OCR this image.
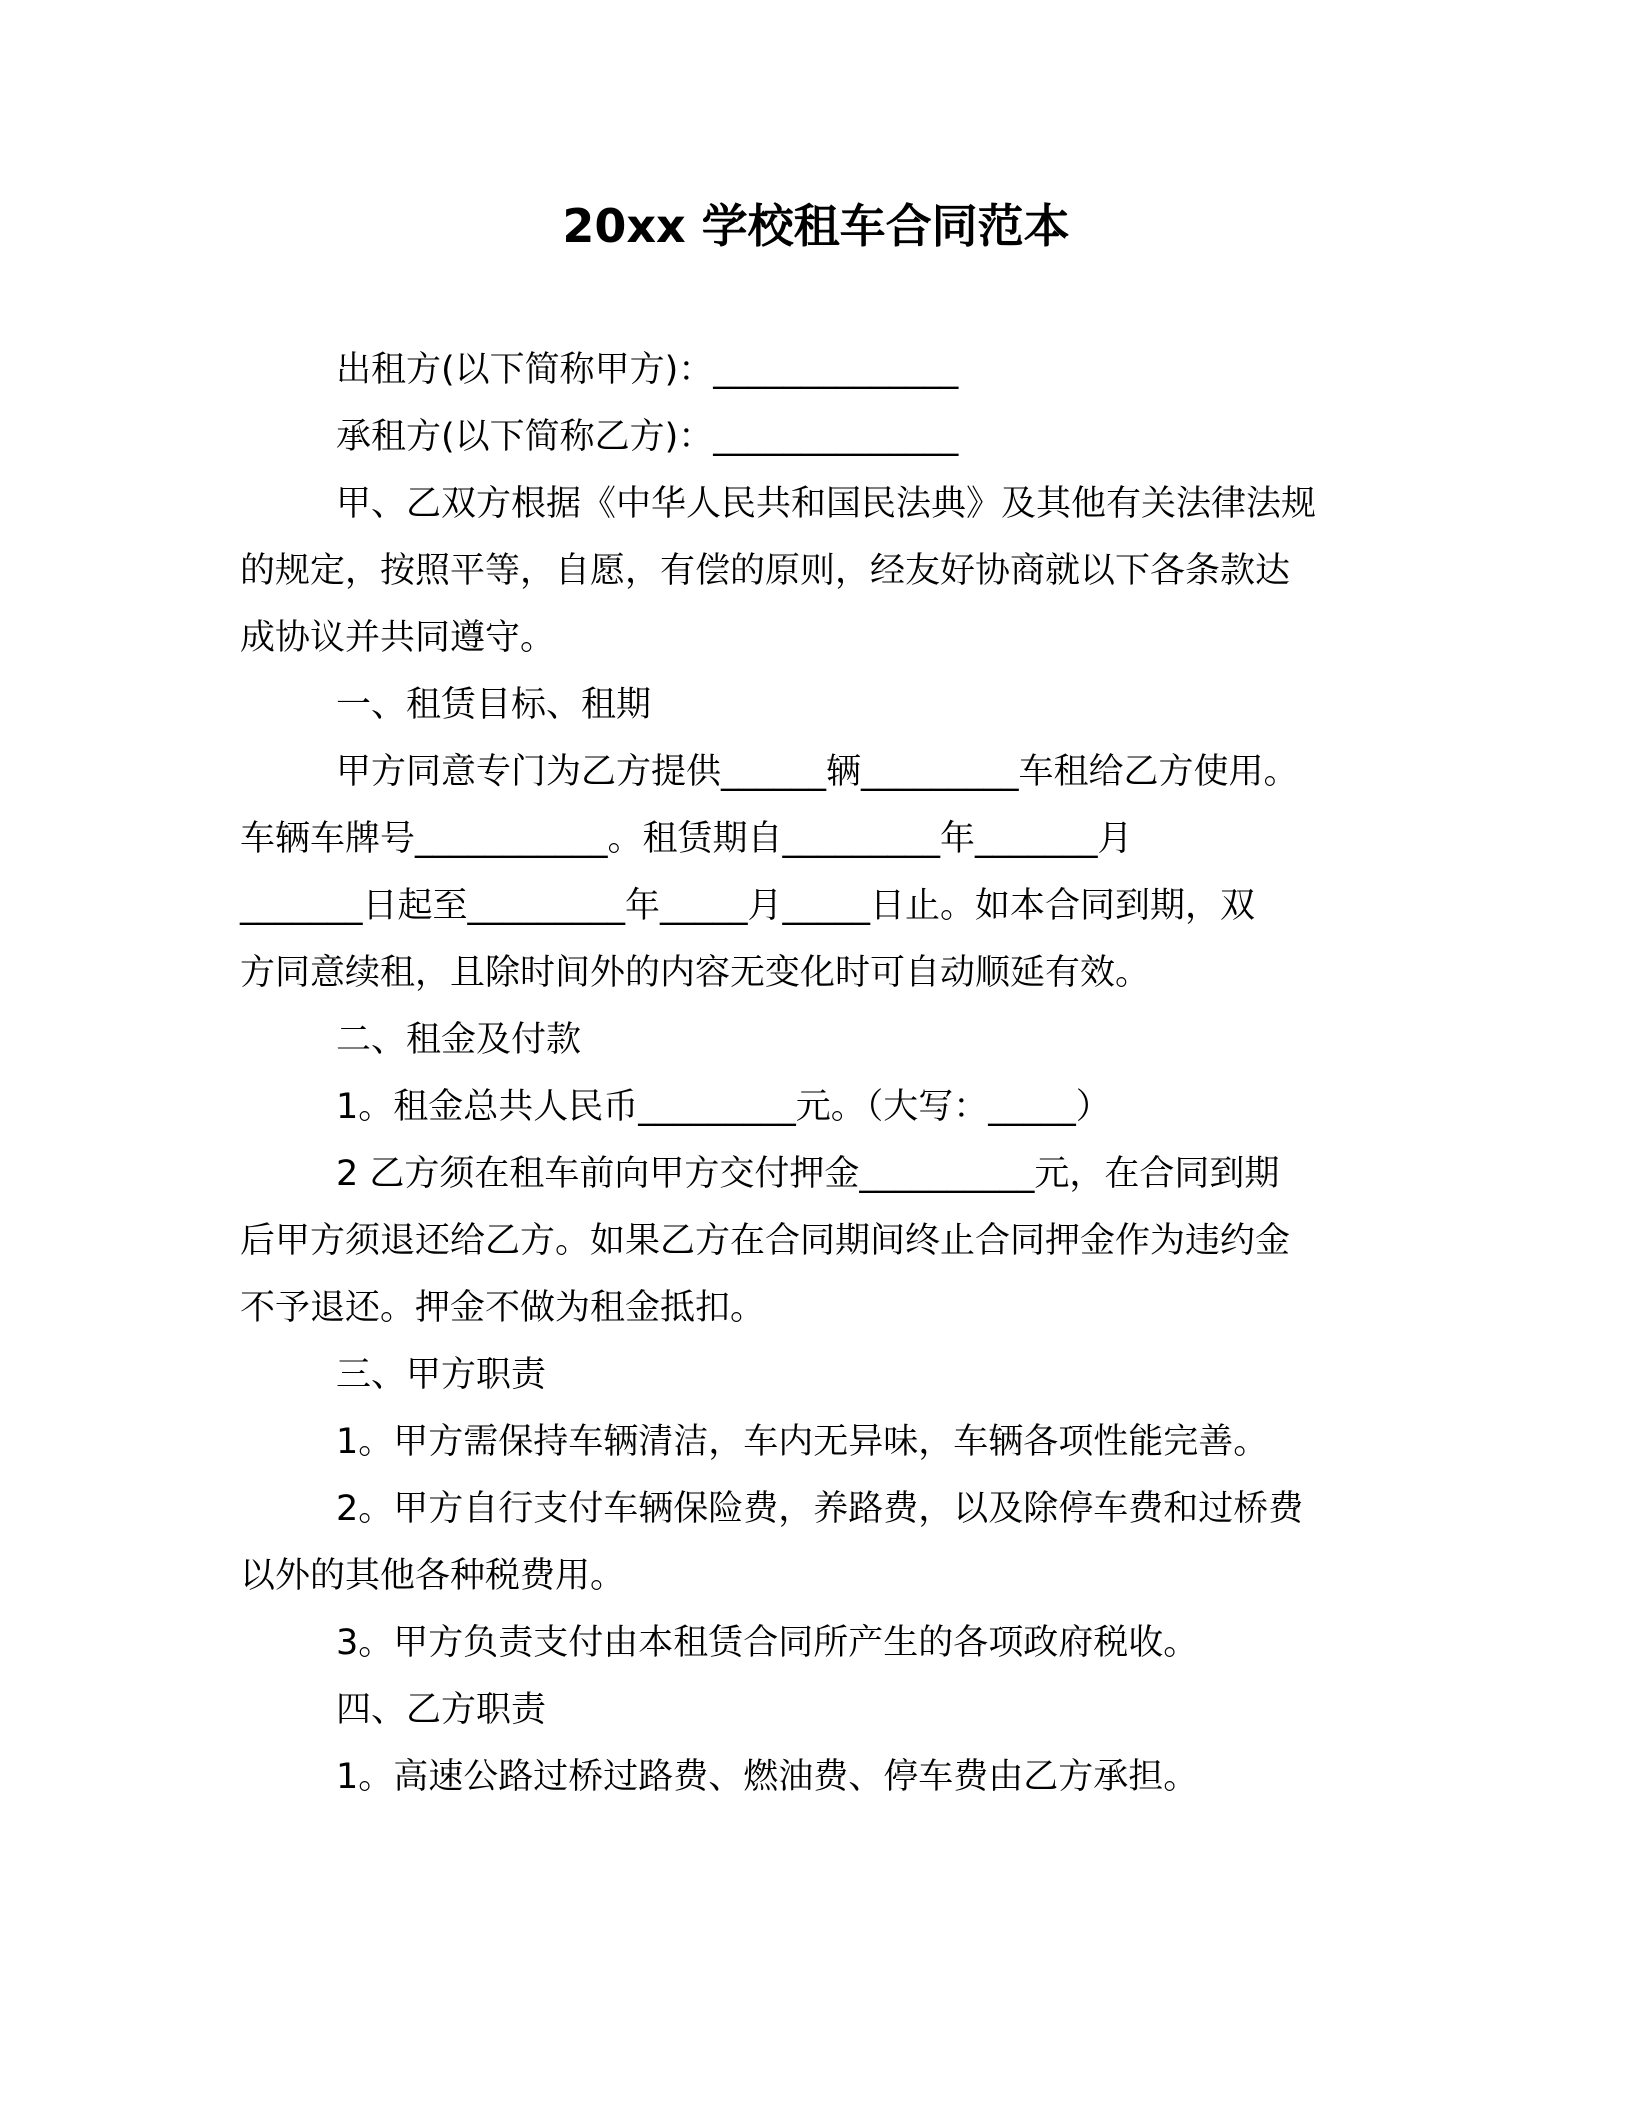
20xx 学校租车合同范本
出租方(以下简称甲方)：______________
承租方(以下简称乙方)：______________
甲、乙双方根据《中华人民共和国民法典》及其他有关法律法规
的规定，按照平等，自愿，有偿的原则，经友好协商就以下各条款达
成协议并共同遵守。
一、租赁目标、租期
甲方同意专门为乙方提供______辆_________车租给乙方使用。
车辆车牌号___________。租赁期自_________年_______月
_______日起至_________年_____月_____日止。如本合同到期，双
方同意续租，且除时间外的内容无变化时可自动顺延有效。
二、租金及付款
1。租金总共人民币_________元。（大写：_____）
2 乙方须在租车前向甲方交付押金__________元，在合同到期
后甲方须退还给乙方。如果乙方在合同期间终止合同押金作为违约金
不予退还。押金不做为租金抵扣。
三、甲方职责
1。甲方需保持车辆清洁，车内无异味，车辆各项性能完善。
2。甲方自行支付车辆保险费，养路费，以及除停车费和过桥费
以外的其他各种税费用。
3。甲方负责支付由本租赁合同所产生的各项政府税收。
四、乙方职责
1。高速公路过桥过路费、燃油费、停车费由乙方承担。
